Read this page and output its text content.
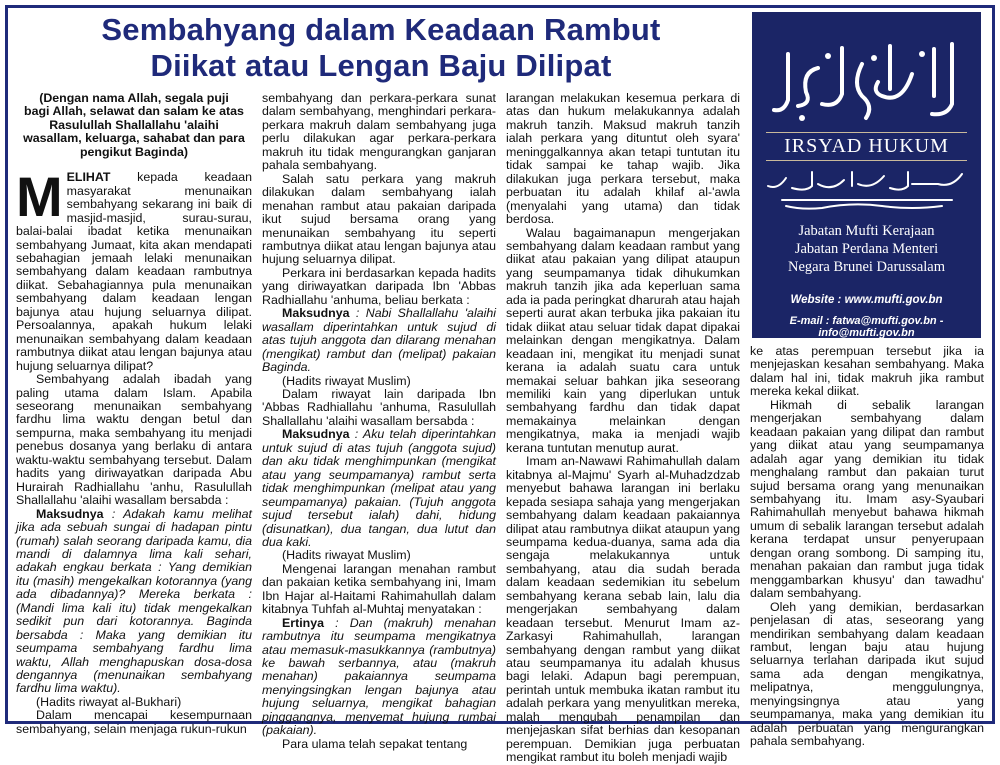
Sembahyang dalam Keadaan Rambut
Diikat atau Lengan Baju Dilipat

(Dengan nama Allah, segala puji

bagi Allah, selawat dan salam ke atas

Rasulullah Shallallahu 'alaihi

wasallam, keluarga, sahabat dan para

pengikut Baginda)

MELIHAT kepada keadaan masyarakat menunaikan sembahyang sekarang ini baik di masjid-masjid, surau-surau, balai-balai ibadat ketika menunaikan sembahyang Jumaat, kita akan mendapati sebahagian jemaah lelaki menunaikan sembahyang dalam keadaan rambutnya diikat. Sebahagiannya pula menunaikan sembahyang dalam keadaan lengan bajunya atau hujung seluarnya dilipat. Persoalannya, apakah hukum lelaki menunaikan sembahyang dalam keadaan rambutnya diikat atau lengan bajunya atau hujung seluarnya dilipat?

Sembahyang adalah ibadah yang paling utama dalam Islam. Apabila seseorang menunaikan sembahyang fardhu lima waktu dengan betul dan sempurna, maka sembahyang itu menjadi penebus dosanya yang berlaku di antara waktu-waktu sembahyang tersebut. Dalam hadits yang diriwayatkan daripada Abu Hurairah Radhiallahu 'anhu, Rasulullah Shallallahu 'alaihi wasallam bersabda :

Maksudnya : Adakah kamu melihat jika ada sebuah sungai di hadapan pintu (rumah) salah seorang daripada kamu, dia mandi di dalamnya lima kali sehari, adakah engkau berkata : Yang demikian itu (masih) mengekalkan kotorannya (yang ada dibadannya)? Mereka berkata : (Mandi lima kali itu) tidak mengekalkan sedikit pun dari kotorannya. Baginda bersabda : Maka yang demikian itu seumpama sembahyang fardhu lima waktu, Allah menghapuskan dosa-dosa dengannya (menunaikan sembahyang fardhu lima waktu).

(Hadits riwayat al-Bukhari)

Dalam mencapai kesempurnaan sembahyang, selain menjaga rukun-rukun

sembahyang dan perkara-perkara sunat dalam sembahyang, menghindari perkara-perkara makruh dalam sembahyang juga perlu dilakukan agar perkara-perkara makruh itu tidak mengurangkan ganjaran pahala sembahyang.

Salah satu perkara yang makruh dilakukan dalam sembahyang ialah menahan rambut atau pakaian daripada ikut sujud bersama orang yang menunaikan sembahyang itu seperti rambutnya diikat atau lengan bajunya atau hujung seluarnya dilipat.

Perkara ini berdasarkan kepada hadits yang diriwayatkan daripada Ibn 'Abbas Radhiallahu 'anhuma, beliau berkata :

Maksudnya : Nabi Shallallahu 'alaihi wasallam diperintahkan untuk sujud di atas tujuh anggota dan dilarang menahan (mengikat) rambut dan (melipat) pakaian Baginda.

(Hadits riwayat Muslim)

Dalam riwayat lain daripada Ibn 'Abbas Radhiallahu 'anhuma, Rasulullah Shallallahu 'alaihi wasallam bersabda :

Maksudnya : Aku telah diperintahkan untuk sujud di atas tujuh (anggota sujud) dan aku tidak menghimpunkan (mengikat atau yang seumpamanya) rambut serta tidak menghimpunkan (melipat atau yang seumpamanya) pakaian. (Tujuh anggota sujud tersebut ialah) dahi, hidung (disunatkan), dua tangan, dua lutut dan dua kaki.

(Hadits riwayat Muslim)

Mengenai larangan menahan rambut dan pakaian ketika sembahyang ini, Imam Ibn Hajar al-Haitami Rahimahullah dalam kitabnya Tuhfah al-Muhtaj menyatakan :

Ertinya : Dan (makruh) menahan rambutnya itu seumpama mengikatnya atau memasuk-masukkannya (rambutnya) ke bawah serbannya, atau (makruh menahan) pakaiannya seumpama menyingsingkan lengan bajunya atau hujung seluarnya, mengikat bahagian pinggangnya, menyemat hujung rumbai (pakaian).

Para ulama telah sepakat tentang

larangan melakukan kesemua perkara di atas dan hukum melakukannya adalah makruh tanzih. Maksud makruh tanzih ialah perkara yang dituntut oleh syara' meninggalkannya akan tetapi tuntutan itu tidak sampai ke tahap wajib. Jika dilakukan juga perkara tersebut, maka perbuatan itu adalah khilaf al-'awla (menyalahi yang utama) dan tidak berdosa.

Walau bagaimanapun mengerjakan sembahyang dalam keadaan rambut yang diikat atau pakaian yang dilipat ataupun yang seumpamanya tidak dihukumkan makruh tanzih jika ada keperluan sama ada ia pada peringkat dharurah atau hajah seperti aurat akan terbuka jika pakaian itu tidak diikat atau seluar tidak dapat dipakai melainkan dengan mengikatnya. Dalam keadaan ini, mengikat itu menjadi sunat kerana ia adalah suatu cara untuk memakai seluar bahkan jika seseorang memiliki kain yang diperlukan untuk sembahyang fardhu dan tidak dapat memakainya melainkan dengan mengikatnya, maka ia menjadi wajib kerana tuntutan menutup aurat.

Imam an-Nawawi Rahimahullah dalam kitabnya al-Majmu' Syarh al-Muhadzdzab menyebut bahawa larangan ini berlaku kepada sesiapa sahaja yang mengerjakan sembahyang dalam keadaan pakaiannya dilipat atau rambutnya diikat ataupun yang seumpama kedua-duanya, sama ada dia sengaja melakukannya untuk sembahyang, atau dia sudah berada dalam keadaan sedemikian itu sebelum sembahyang kerana sebab lain, lalu dia mengerjakan sembahyang dalam keadaan tersebut. Menurut Imam az-Zarkasyi Rahimahullah, larangan sembahyang dengan rambut yang diikat atau seumpamanya itu adalah khusus bagi lelaki. Adapun bagi perempuan, perintah untuk membuka ikatan rambut itu adalah perkara yang menyulitkan mereka, malah mengubah penampilan dan menjejaskan sifat berhias dan kesopanan perempuan. Demikian juga perbuatan mengikat rambut itu boleh menjadi wajib

IRSYAD HUKUM
Jabatan Mufti Kerajaan
Jabatan Perdana Menteri
Negara Brunei Darussalam
Website : www.mufti.gov.bn
E-mail : fatwa@mufti.gov.bn - info@mufti.gov.bn

ke atas perempuan tersebut jika ia menjejaskan kesahan sembahyang. Maka dalam hal ini, tidak makruh jika rambut mereka kekal diikat.

Hikmah di sebalik larangan mengerjakan sembahyang dalam keadaan pakaian yang dilipat dan rambut yang diikat atau yang seumpamanya adalah agar yang demikian itu tidak menghalang rambut dan pakaian turut sujud bersama orang yang menunaikan sembahyang itu. Imam asy-Syaubari Rahimahullah menyebut bahawa hikmah umum di sebalik larangan tersebut adalah kerana terdapat unsur penyerupaan dengan orang sombong. Di samping itu, menahan pakaian dan rambut juga tidak menggambarkan khusyu' dan tawadhu' dalam sembahyang.

Oleh yang demikian, berdasarkan penjelasan di atas, seseorang yang mendirikan sembahyang dalam keadaan rambut, lengan baju atau hujung seluarnya terlahan daripada ikut sujud sama ada dengan mengikatnya, melipatnya, menggulungnya, menyingsingnya atau yang seumpamanya, maka yang demikian itu adalah perbuatan yang mengurangkan pahala sembahyang.
